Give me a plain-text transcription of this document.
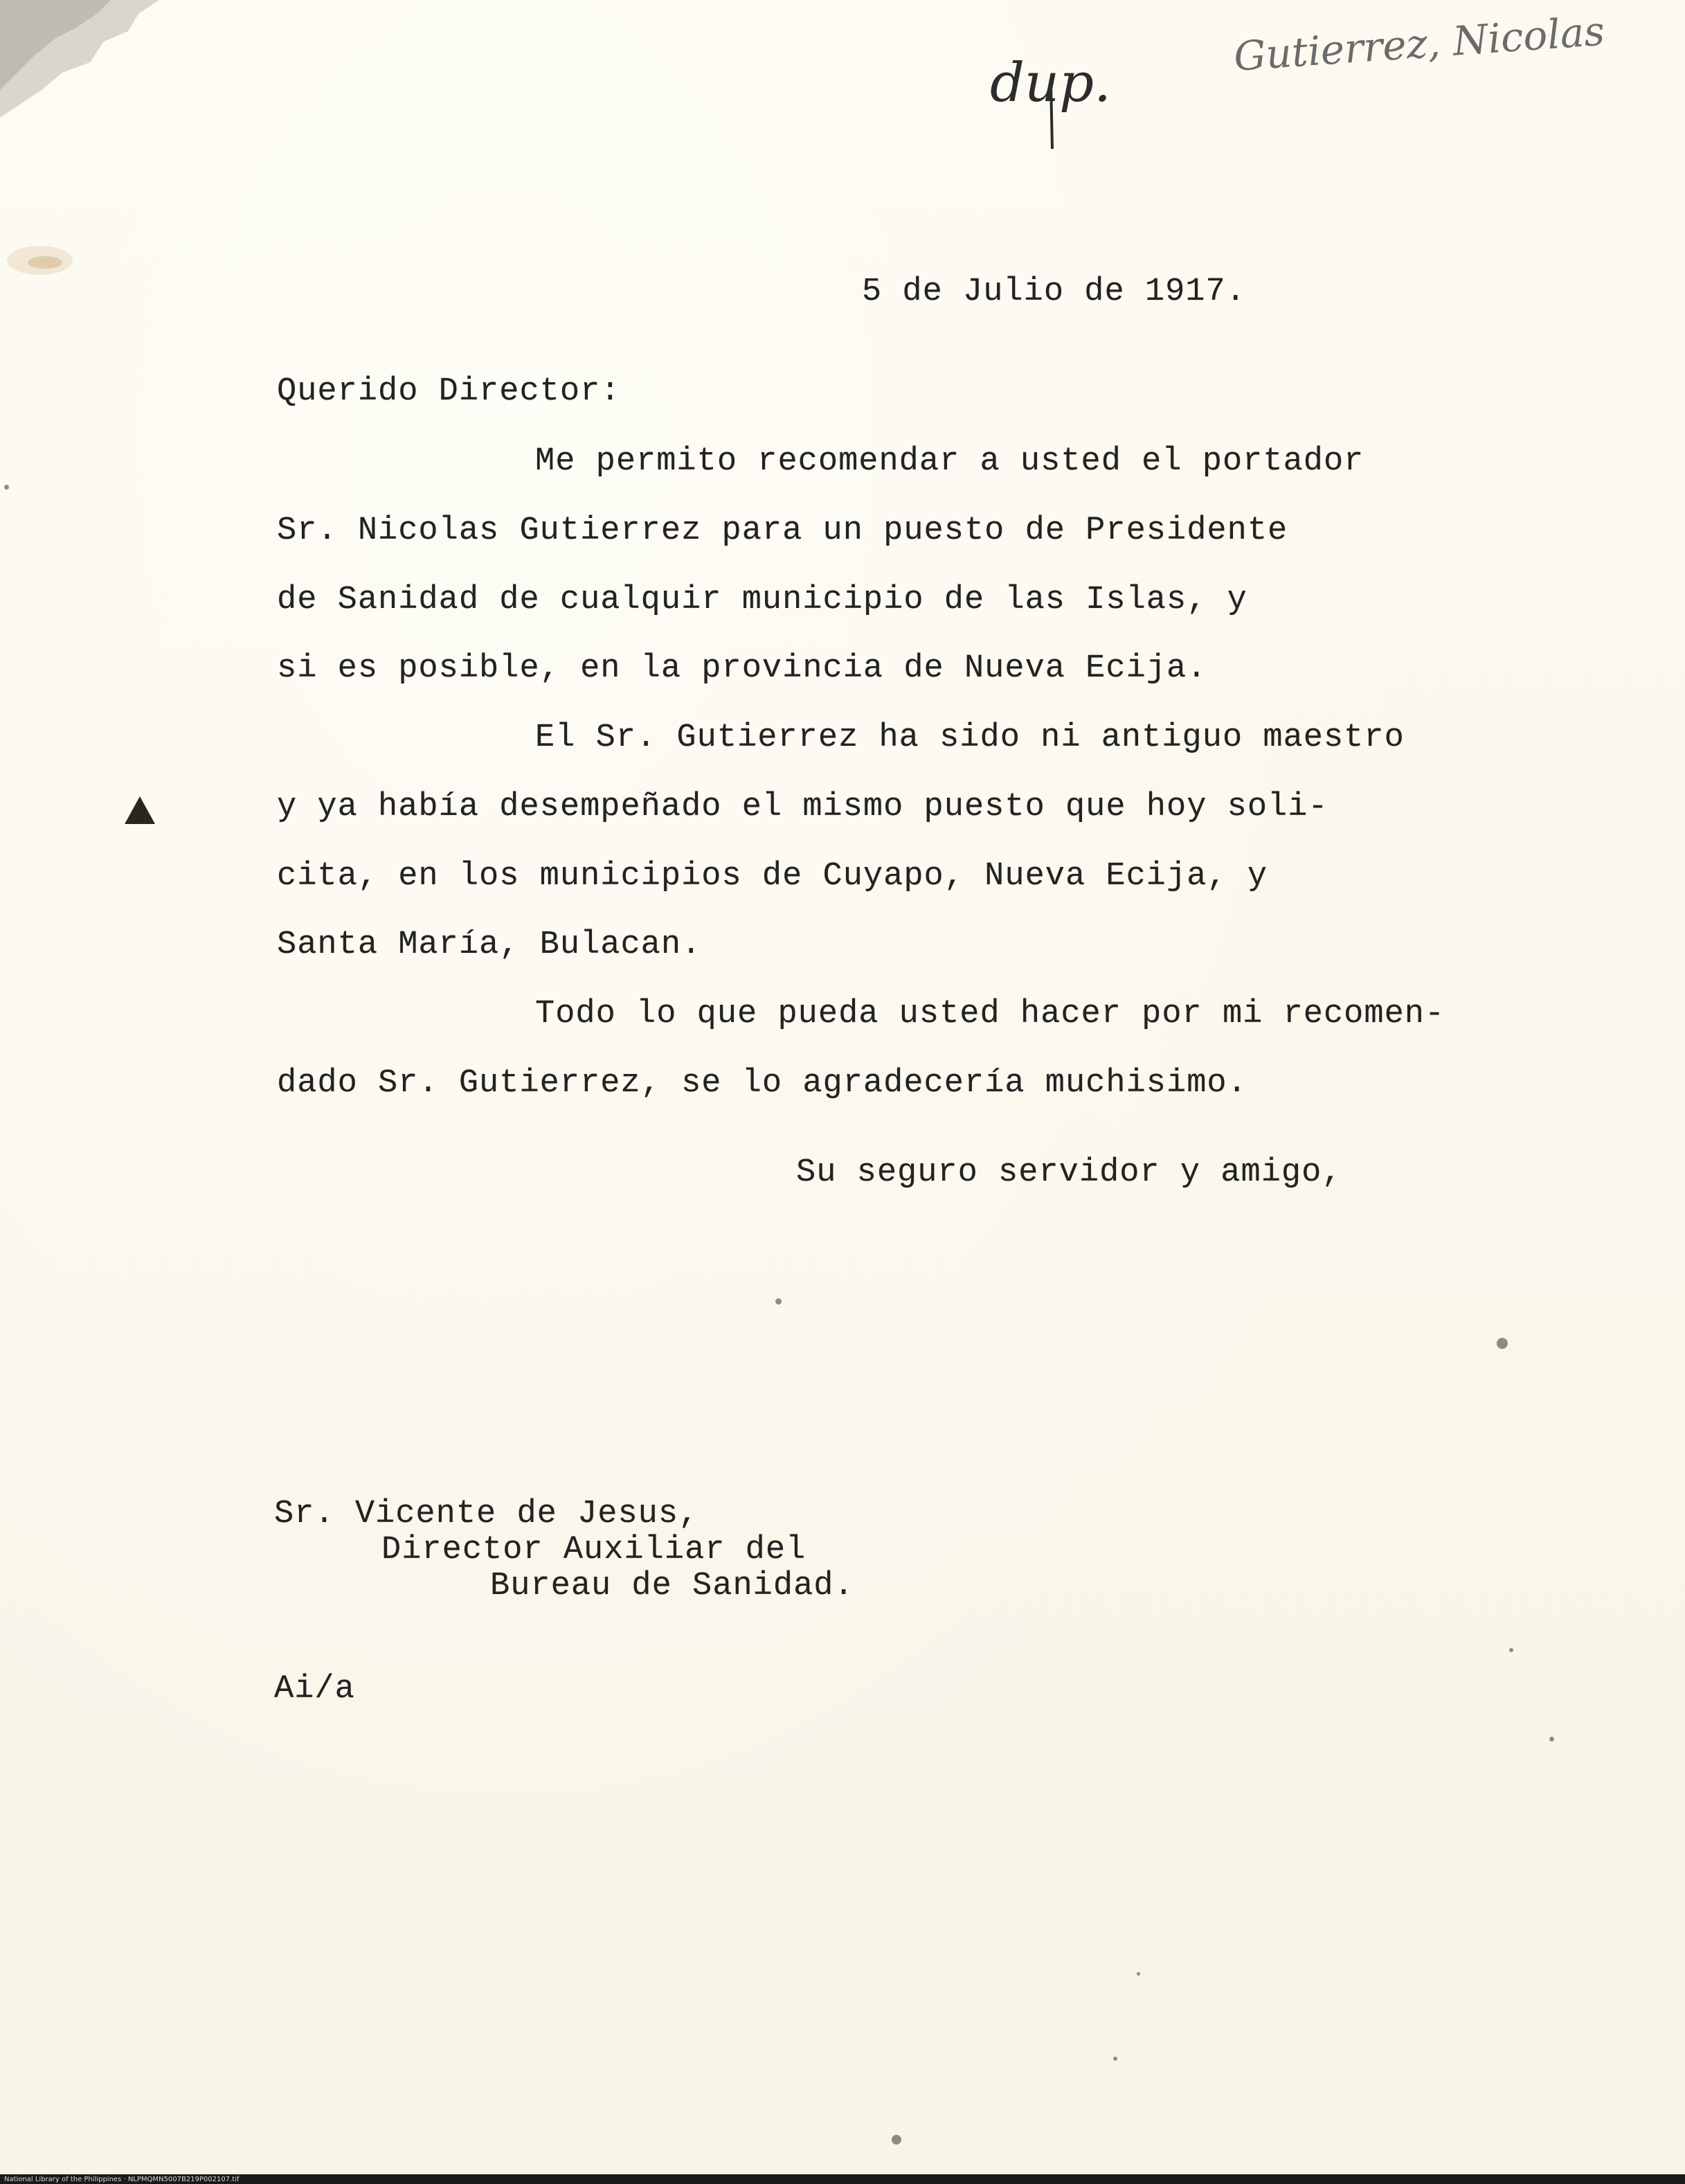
dup.
Gutierrez, Nicolas
5 de Julio de 1917.
Querido Director:
Me permito recomendar a usted el portador
Sr. Nicolas Gutierrez para un puesto de Presidente
de Sanidad de cualquir municipio de las Islas, y
si es posible, en la provincia de Nueva Ecija.
El Sr. Gutierrez ha sido ni antiguo maestro
y ya había desempeñado el mismo puesto que hoy soli-
cita, en los municipios de Cuyapo, Nueva Ecija, y
Santa María, Bulacan.
Todo lo que pueda usted hacer por mi recomen-
dado Sr. Gutierrez, se lo agradecería muchisimo.
Su seguro servidor y amigo,
Sr. Vicente de Jesus,
Director Auxiliar del
Bureau de Sanidad.
Ai/a
National Library of the Philippines · NLPMQMN5007B219P002107.tif
